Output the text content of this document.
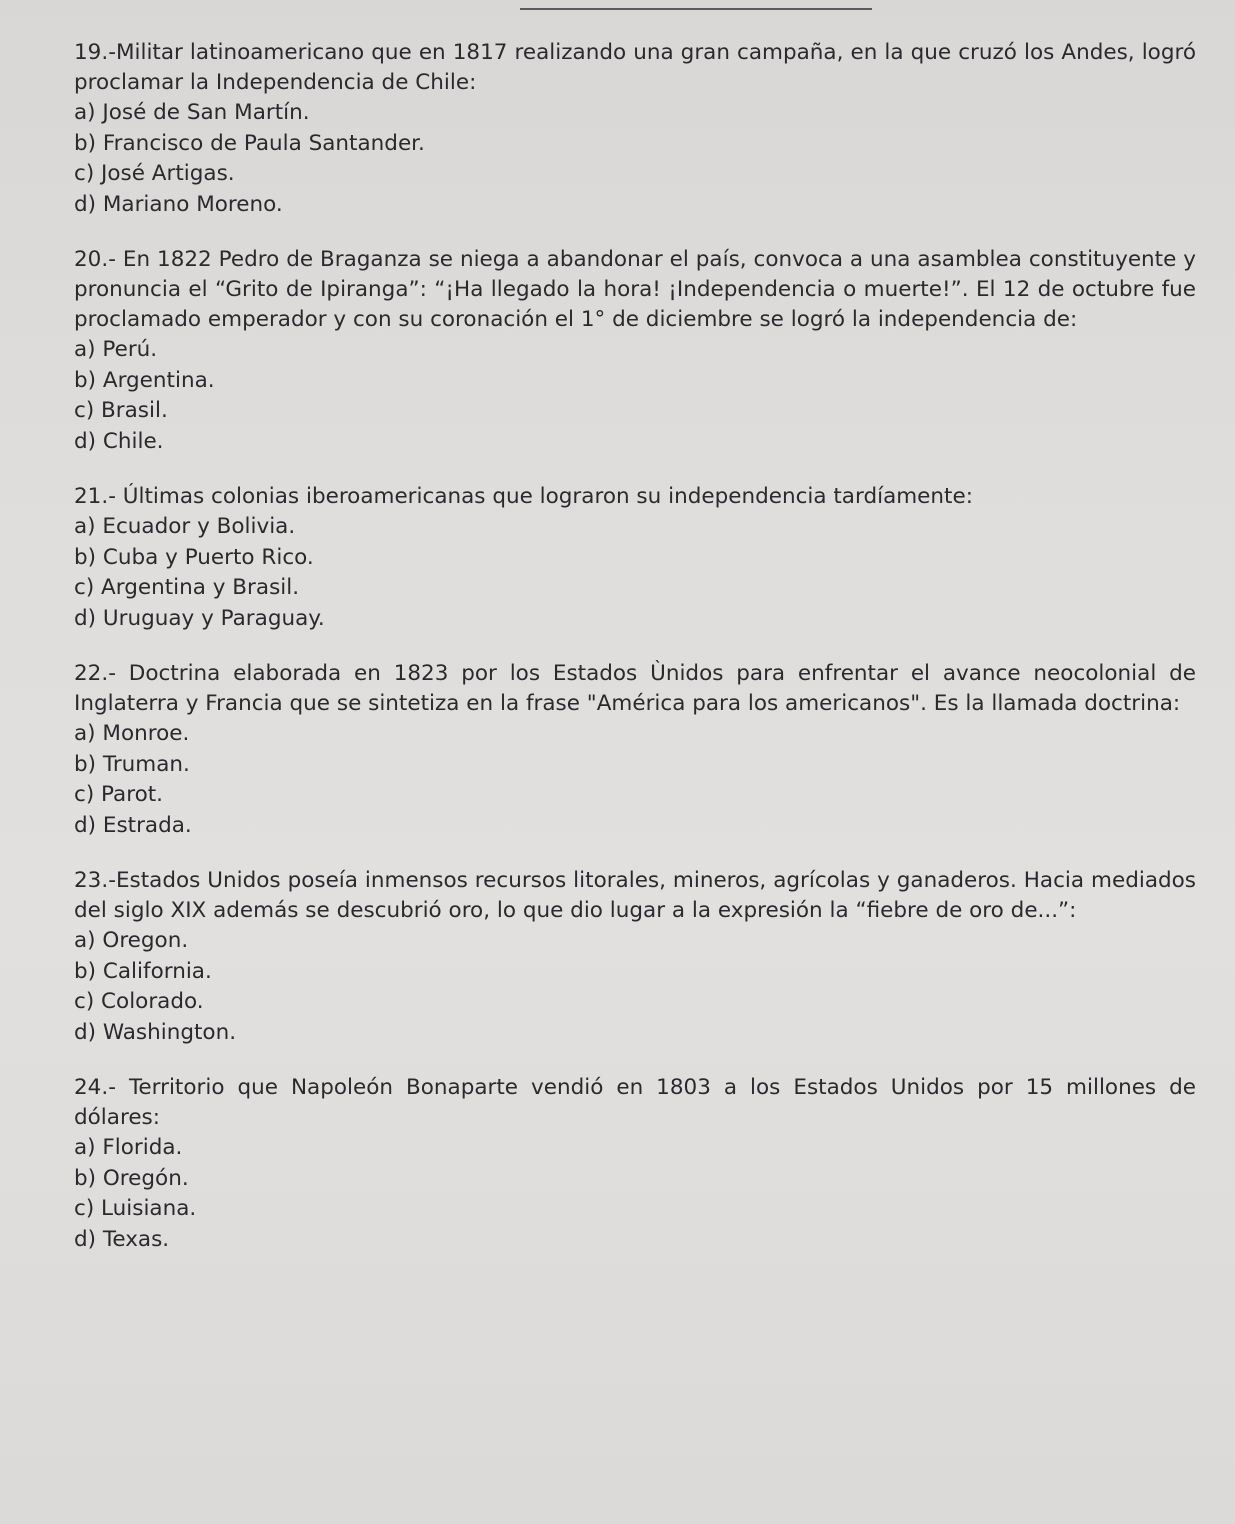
19.-Militar latinoamericano que en 1817 realizando una gran campaña, en la que cruzó los Andes, logró proclamar la Independencia de Chile:

a) José de San Martín.
b) Francisco de Paula Santander.
c) José Artigas.
d) Mariano Moreno.

20.- En 1822 Pedro de Braganza se niega a abandonar el país, convoca a una asamblea constituyente y pronuncia el “Grito de Ipiranga”: “¡Ha llegado la hora! ¡Independencia o muerte!”. El 12 de octubre fue proclamado emperador y con su coronación el 1° de diciembre se logró la independencia de:

a) Perú.
b) Argentina.
c) Brasil.
d) Chile.

21.- Últimas colonias iberoamericanas que lograron su independencia tardíamente:

a) Ecuador y Bolivia.
b) Cuba y Puerto Rico.
c) Argentina y Brasil.
d) Uruguay y Paraguay.

22.- Doctrina elaborada en 1823 por los Estados Ùnidos para enfrentar el avance neocolonial de Inglaterra y Francia que se sintetiza en la frase "América para los americanos". Es la llamada doctrina:

a) Monroe.
b) Truman.
c) Parot.
d) Estrada.

23.-Estados Unidos poseía inmensos recursos litorales, mineros, agrícolas y ganaderos. Hacia mediados del siglo XIX además se descubrió oro, lo que dio lugar a la expresión la “fiebre de oro de...”:

a) Oregon.
b) California.
c) Colorado.
d) Washington.

24.- Territorio que Napoleón Bonaparte vendió en 1803 a los Estados Unidos por 15 millones de dólares:

a) Florida.
b) Oregón.
c) Luisiana.
d) Texas.
